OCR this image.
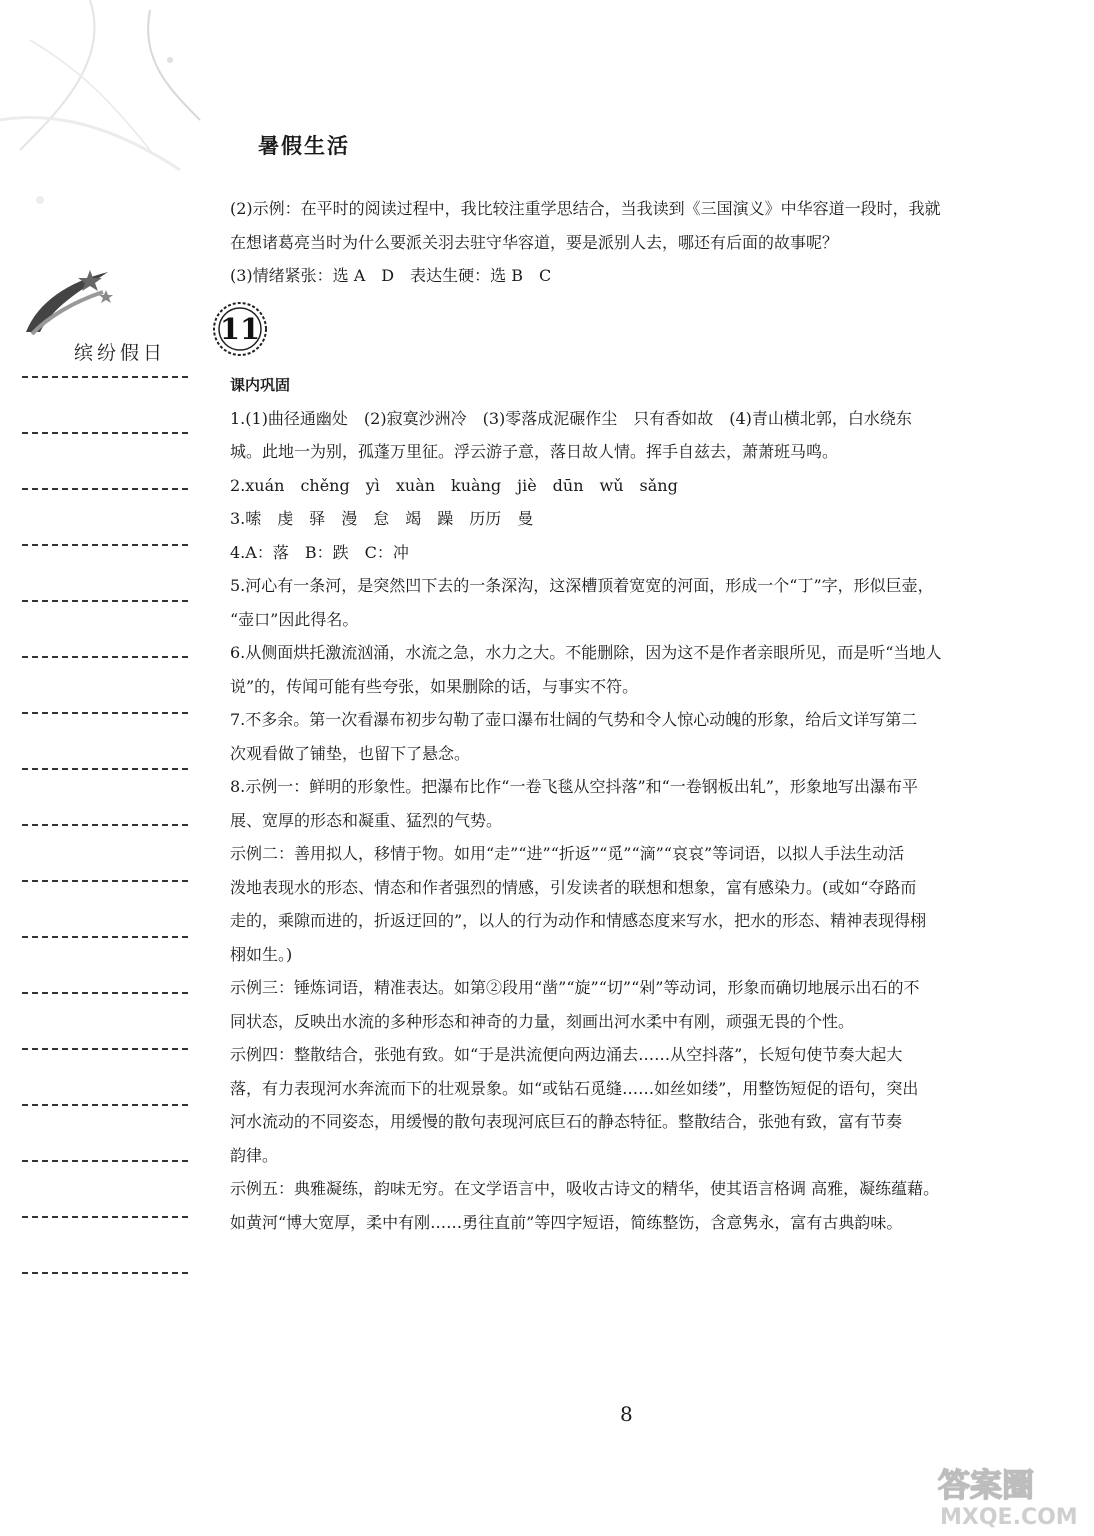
暑假生活
缤纷假日
11

(2)示例：在平时的阅读过程中，我比较注重学思结合，当我读到《三国演义》中华容道一段时，我就

在想诸葛亮当时为什么要派关羽去驻守华容道，要是派别人去，哪还有后面的故事呢？

(3)情绪紧张：选 A　D　表达生硬：选 B　C

课内巩固

1.(1)曲径通幽处　(2)寂寞沙洲冷　(3)零落成泥碾作尘　只有香如故　(4)青山横北郭，白水绕东

城。此地一为别，孤蓬万里征。浮云游子意，落日故人情。挥手自兹去，萧萧班马鸣。

2.xuán　chěng　yì　xuàn　kuàng　jiè　dūn　wǔ　sǎng

3.嗦　虔　驿　漫　怠　竭　躁　历历　曼

4.A：落　B：跌　C：冲

5.河心有一条河，是突然凹下去的一条深沟，这深槽顶着宽宽的河面，形成一个“丁”字，形似巨壶，

“壶口”因此得名。

6.从侧面烘托激流汹涌，水流之急，水力之大。不能删除，因为这不是作者亲眼所见，而是听“当地人

说”的，传闻可能有些夸张，如果删除的话，与事实不符。

7.不多余。第一次看瀑布初步勾勒了壶口瀑布壮阔的气势和令人惊心动魄的形象，给后文详写第二

次观看做了铺垫，也留下了悬念。

8.示例一：鲜明的形象性。把瀑布比作“一卷飞毯从空抖落”和“一卷钢板出轧”，形象地写出瀑布平

展、宽厚的形态和凝重、猛烈的气势。

示例二：善用拟人，移情于物。如用“走”“进”“折返”“觅”“滴”“哀哀”等词语，以拟人手法生动活

泼地表现水的形态、情态和作者强烈的情感，引发读者的联想和想象，富有感染力。(或如“夺路而

走的，乘隙而进的，折返迂回的”，以人的行为动作和情感态度来写水，把水的形态、精神表现得栩

栩如生。)

示例三：锤炼词语，精准表达。如第②段用“凿”“旋”“切”“剁”等动词，形象而确切地展示出石的不

同状态，反映出水流的多种形态和神奇的力量，刻画出河水柔中有刚，顽强无畏的个性。

示例四：整散结合，张弛有致。如“于是洪流便向两边涌去……从空抖落”，长短句使节奏大起大

落，有力表现河水奔流而下的壮观景象。如“或钻石觅缝……如丝如缕”，用整饬短促的语句，突出

河水流动的不同姿态，用缓慢的散句表现河底巨石的静态特征。整散结合，张弛有致，富有节奏

韵律。

示例五：典雅凝练，韵味无穷。在文学语言中，吸收古诗文的精华，使其语言格调 高雅，凝练蕴藉。

如黄河“博大宽厚，柔中有刚……勇往直前”等四字短语，简练整饬，含意隽永，富有古典韵味。

8
答案圈
MXQE.COM
